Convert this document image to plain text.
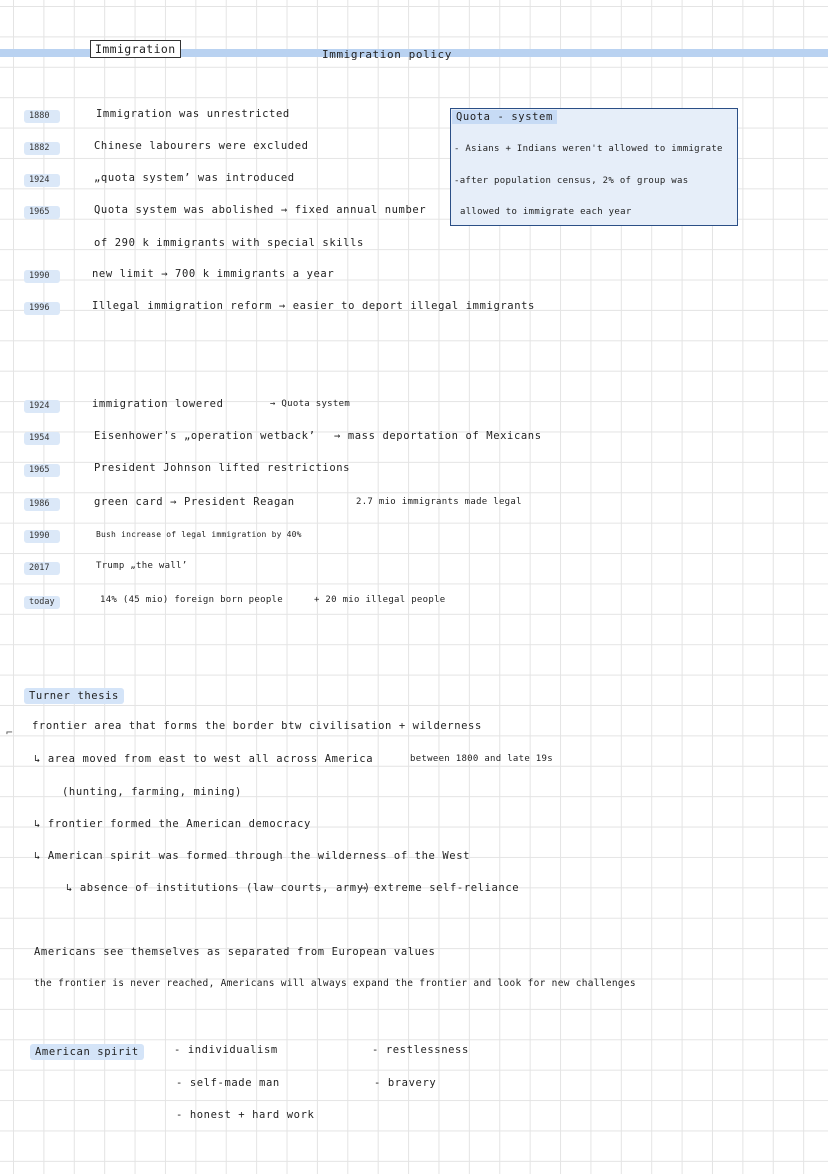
Immigration	Immigration policy
1880	Immigration was unrestricted
1882	Chinese labourers were excluded
1924	„quota system’ was introduced
1965	Quota system was abolished → fixed annual number
of 290 k immigrants with special skills
1990	new limit → 700 k immigrants a year
1996	Illegal immigration reform → easier to deport illegal immigrants
Quota - system
- Asians + Indians weren't allowed to immigrate
-after population census, 2% of group was
allowed to immigrate each year
1924	immigration lowered	→ Quota system
1954	Eisenhower's „operation wetback’ → mass deportation of Mexicans
1965	President Johnson lifted restrictions
1986	green card → President Reagan	2.7 mio immigrants made legal
1990	Bush increase of legal immigration by 40%
2017	Trump „the wall’
today	14% (45 mio) foreign born people	+ 20 mio illegal people
Turner thesis
⌐ frontier area that forms the border btw civilisation + wilderness
↳ area moved from east to west all across America	between 1800 and late 19s
(hunting, farming, mining)
↳ frontier formed the American democracy
↳ American spirit was formed through the wilderness of the West
↳ absence of institutions (law courts, army)
→ extreme self-reliance
Americans see themselves as separated from European values
the frontier is never reached, Americans will always expand the frontier and look for new challenges
American spirit	- individualism
- self-made man
- honest + hard work
- restlessness
- bravery
